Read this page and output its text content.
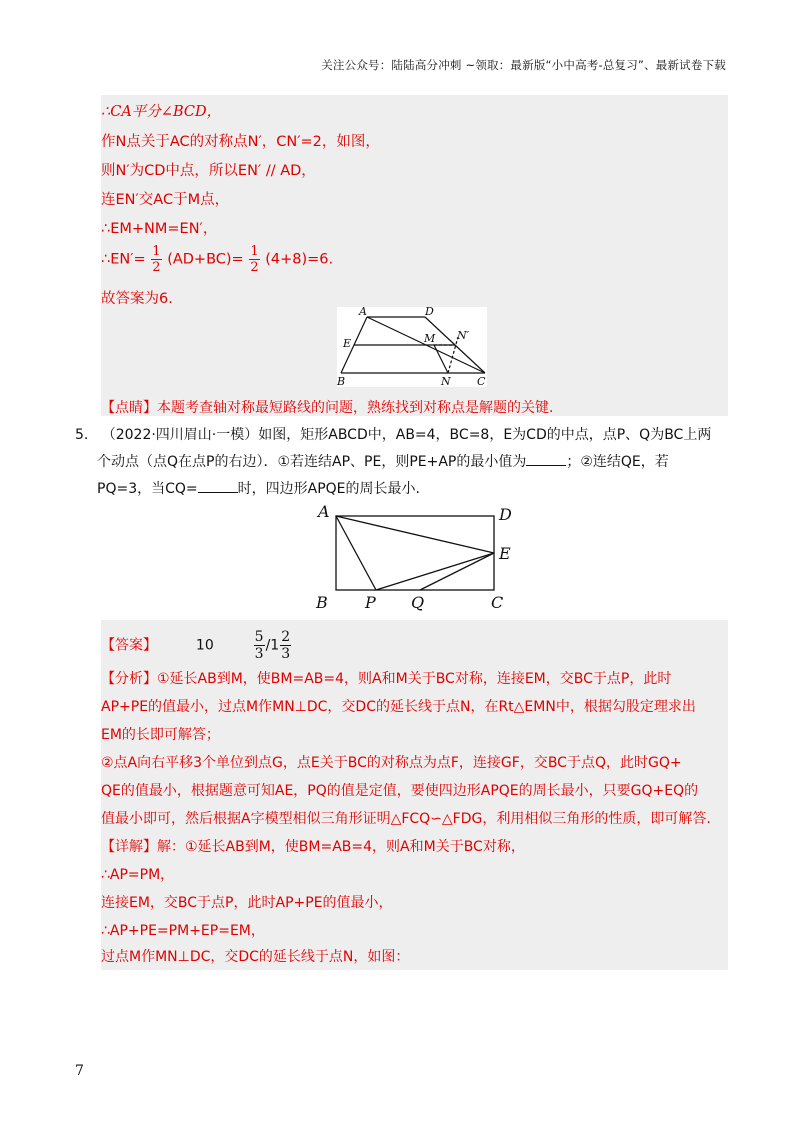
关注公众号：陆陆高分冲刺 ~领取：最新版“小中高考-总复习”、最新试卷下载
∴CA平分∠BCD，
作N点关于AC的对称点N′，CN′=2，如图，
则N′为CD中点，所以EN′ // AD，
连EN′交AC于M点，
∴EM+NM=EN′，
∴EN′= $\frac{1}{2} (AD+BC)= \frac{1}{2} (4+8)=6$.
故答案为6.
A	D
E	M N′
B	N C
【点睛】本题考查轴对称最短路线的问题，熟练找到对称点是解题的关键.
5. （2022·四川眉山·一模）如图，矩形ABCD中，AB=4，BC=8，E为CD的中点，点P、Q为BC上两
个动点（点Q在点P的右边）．①若连结AP、PE，则PE+AP的最小值为	；②连结QE，若
PQ=3，当CQ=	时，四边形APQE的周长最小.
A	D
E
B P Q	C
【答案】	10	$\frac{5}{3} /1 \frac{2}{3}$
【分析】①延长AB到M，使BM=AB=4，则A和M关于BC对称，连接EM，交BC于点P，此时
AP+PE的值最小，过点M作MN⊥DC，交DC的延长线于点N，在Rt△EMN中，根据勾股定理求出
EM的长即可解答；
②点A向右平移3个单位到点G，点E关于BC的对称点为点F，连接GF，交BC于点Q，此时GQ+
QE的值最小，根据题意可知AE，PQ的值是定值，要使四边形APQE的周长最小，只要GQ+EQ的
值最小即可，然后根据A字模型相似三角形证明△FCQ∽△FDG，利用相似三角形的性质，即可解答.
【详解】解：①延长AB到M，使BM=AB=4，则A和M关于BC对称，
∴AP=PM，
连接EM，交BC于点P，此时AP+PE的值最小，
∴AP+PE=PM+EP=EM，
过点M作MN⊥DC，交DC的延长线于点N，如图：
7
